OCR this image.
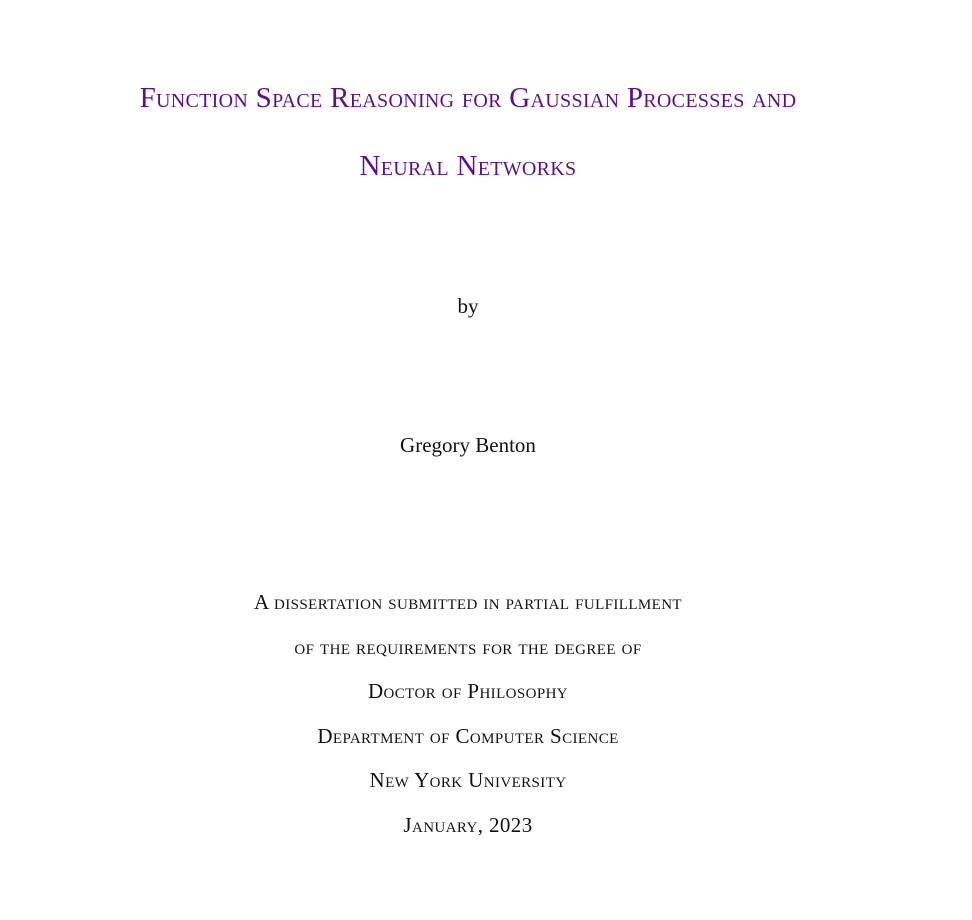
Function Space Reasoning for Gaussian Processes and
Neural Networks
by
Gregory Benton
A dissertation submitted in partial fulfillment
of the requirements for the degree of
Doctor of Philosophy
Department of Computer Science
New York University
January, 2023
